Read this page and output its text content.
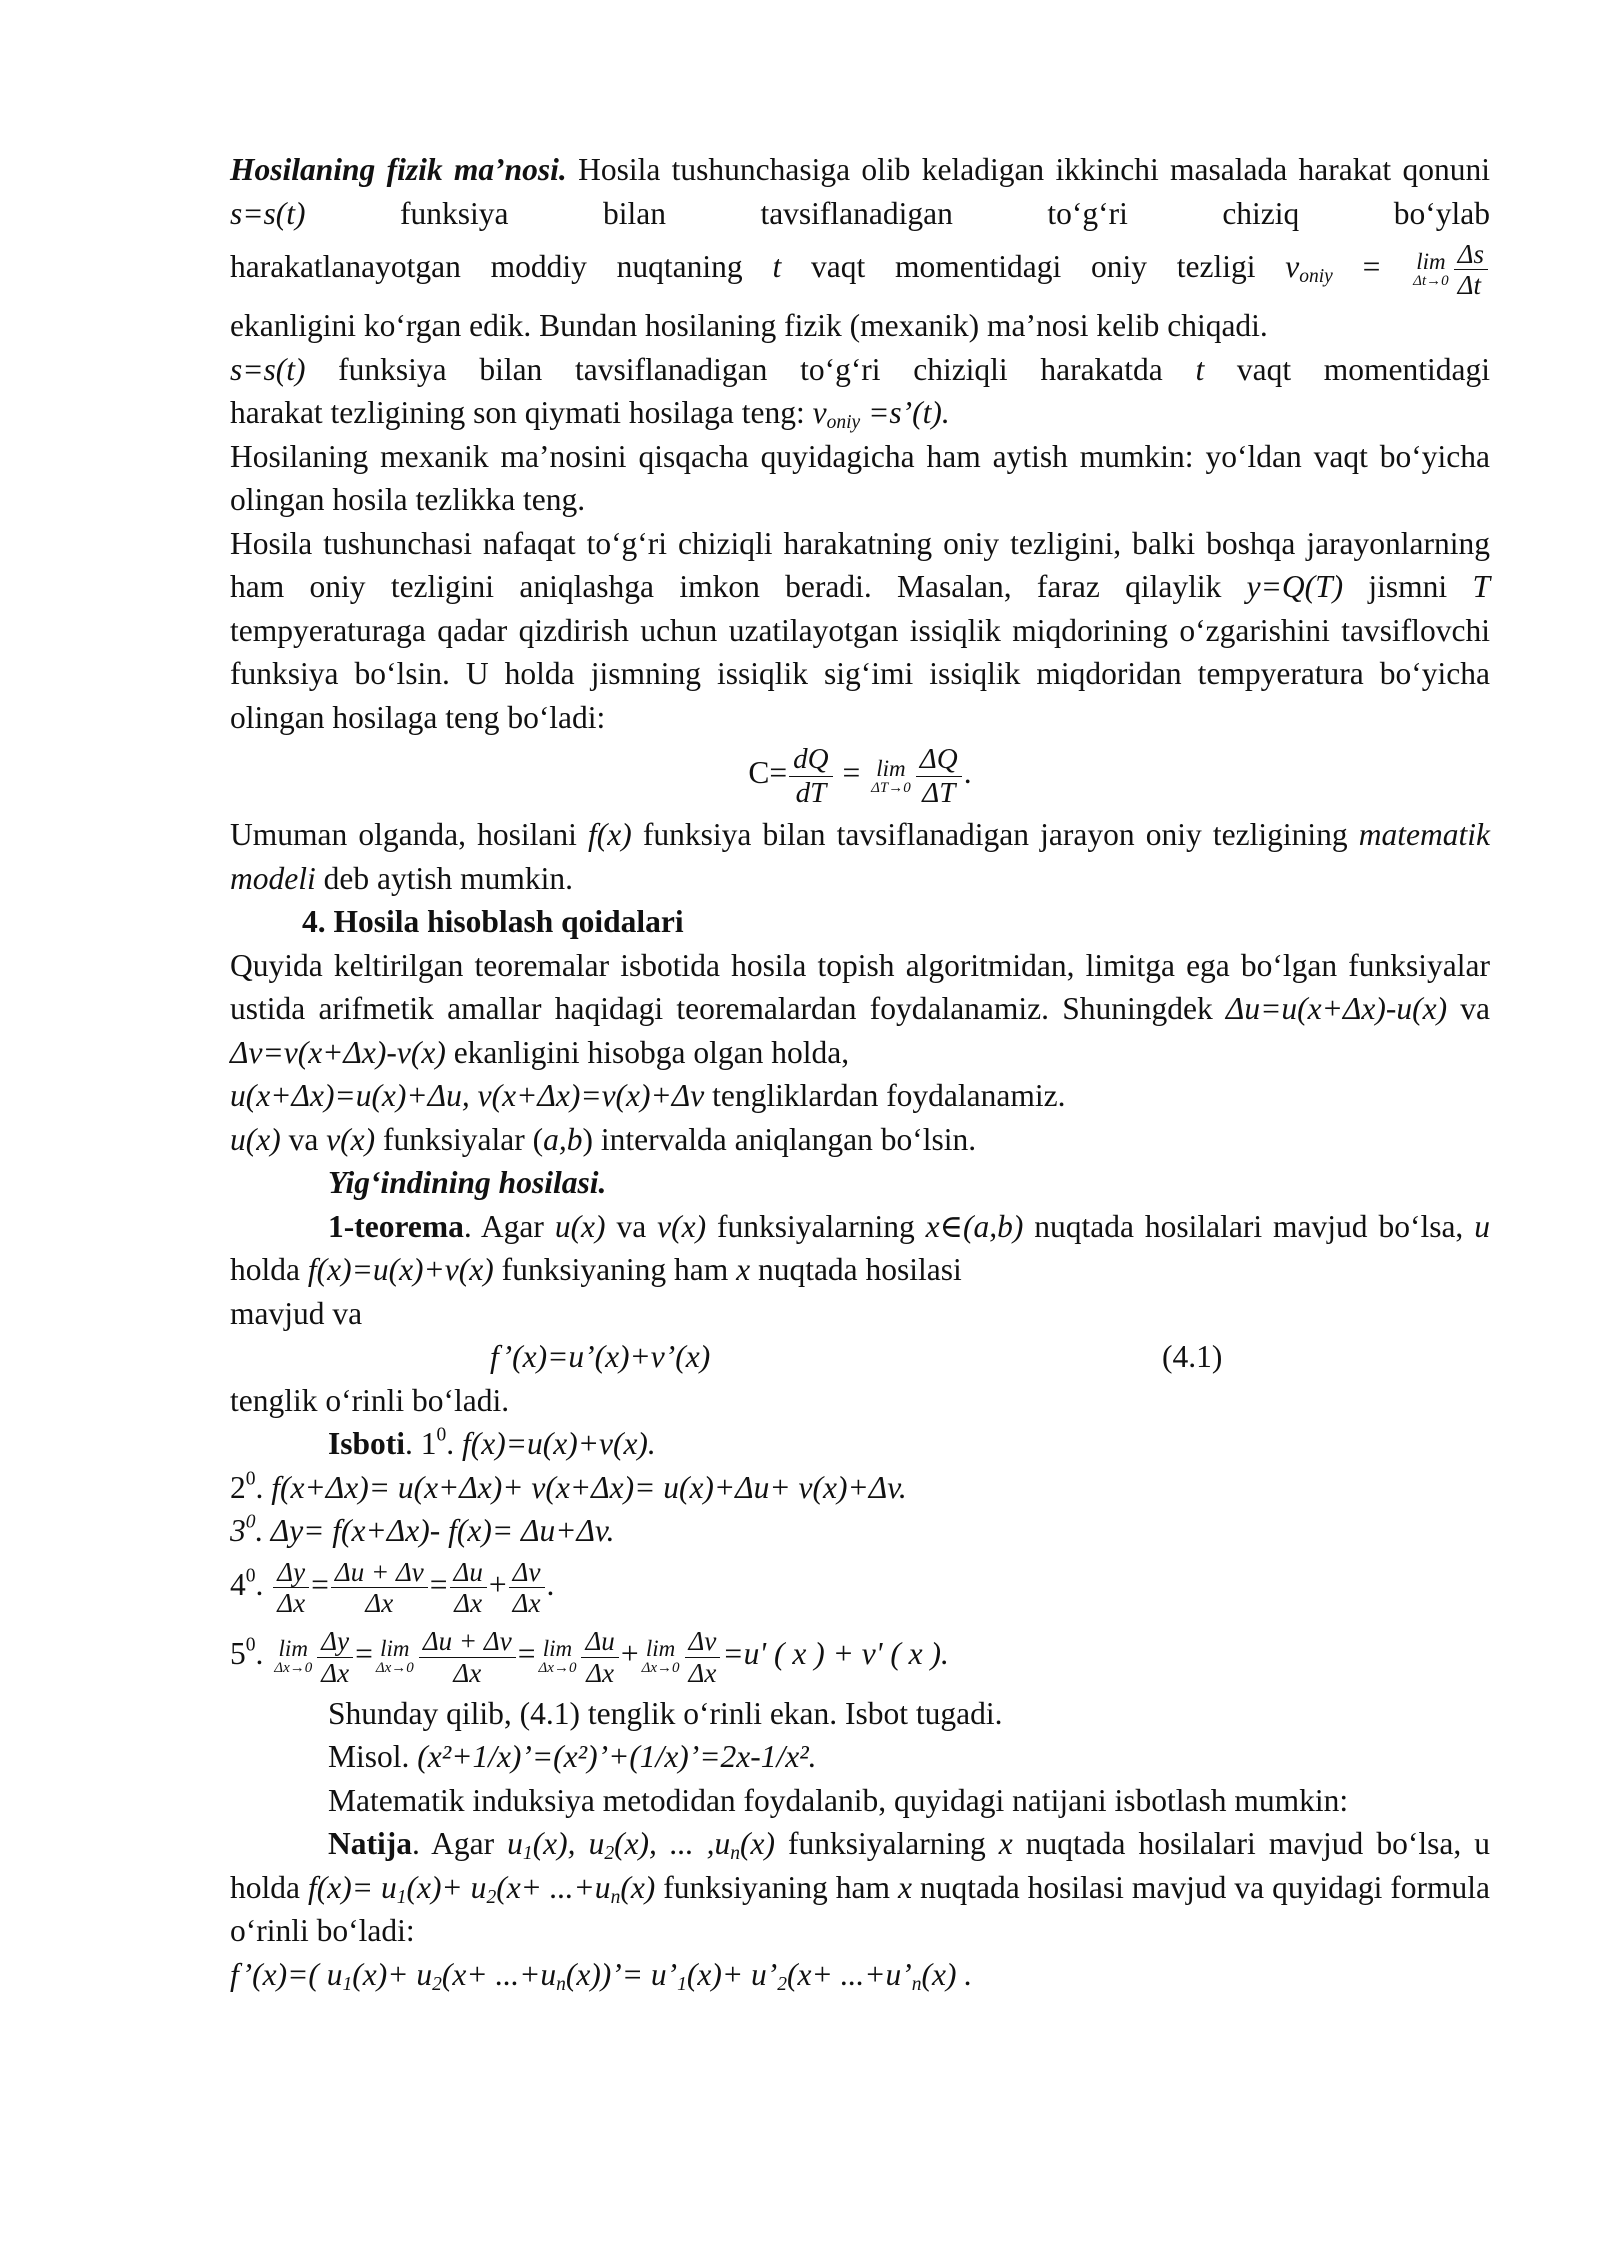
Hosilaning fizik ma’nosi. Hosila tushunchasiga olib keladigan ikkinchi masalada harakat qonuni s=s(t) funksiya bilan tavsiflanadigan to‘g‘ri chiziq bo‘ylab

harakatlanayotgan moddiy nuqtaning t vaqt momentidagi oniy tezligi $v_{oniy} = \lim$
$\Delta t\to 0 \frac{\Delta s}{\Delta t}$

ekanligini ko‘rgan edik. Bundan hosilaning fizik (mexanik) ma’nosi kelib chiqadi.

s=s(t) funksiya bilan tavsiflanadigan to‘g‘ri chiziqli harakatda t vaqt momentidagi

harakat tezligining son qiymati hosilaga teng: $v_{oniy}$ =s’(t).

Hosilaning mexanik ma’nosini qisqacha quyidagicha ham aytish mumkin: yo‘ldan vaqt bo‘yicha olingan hosila tezlikka teng.

Hosila tushunchasi nafaqat to‘g‘ri chiziqli harakatning oniy tezligini, balki boshqa jarayonlarning ham oniy tezligini aniqlashga imkon beradi. Masalan, faraz qilaylik y=Q(T) jismni T tempyeraturaga qadar qizdirish uchun uzatilayotgan issiqlik miqdorining o‘zgarishini tavsiflovchi funksiya bo‘lsin. U holda jismning issiqlik sig‘imi issiqlik miqdoridan tempyeratura bo‘yicha olingan hosilaga teng bo‘ladi:

$C= \frac{dQ}{dT} = \lim$
$\Delta T\to 0 \frac{\Delta Q}{\Delta T}$ .

Umuman olganda, hosilani f(x) funksiya bilan tavsiflanadigan jarayon oniy tezligining matematik modeli deb aytish mumkin.

4. Hosila hisoblash qoidalari

Quyida keltirilgan teoremalar isbotida hosila topish algoritmidan, limitga ega bo‘lgan funksiyalar ustida arifmetik amallar haqidagi teoremalardan foydalanamiz. Shuningdek Δu=u(x+Δx)-u(x) va Δv=v(x+Δx)-v(x) ekanligini hisobga olgan holda,

u(x+Δx)=u(x)+Δu, v(x+Δx)=v(x)+Δv tengliklardan foydalanamiz.

u(x) va v(x) funksiyalar (a,b) intervalda aniqlangan bo‘lsin.

Yig‘indining hosilasi.

1-teorema. Agar u(x) va v(x) funksiyalarning x∈(a,b) nuqtada hosilalari mavjud bo‘lsa, u holda f(x)=u(x)+v(x) funksiyaning ham x nuqtada hosilasi

mavjud va

f’(x)=u’(x)+v’(x)	(4.1)

tenglik o‘rinli bo‘ladi.

Isboti. $1^0$. f(x)=u(x)+v(x).

$2^0$. f(x+Δx)= u(x+Δx)+ v(x+Δx)= u(x)+Δu+ v(x)+Δv.

$3^0$. Δy= f(x+Δx)- f(x)= Δu+Δv.

$4^0$. $\frac{\Delta y}{\Delta x} = \frac{\Delta u + \Delta v}{\Delta x} = \frac{\Delta u}{\Delta x} + \frac{\Delta v}{\Delta x}$ .

$5^0$. lim
$\Delta x\to 0 \frac{\Delta y}{\Delta x} = \lim$
$\Delta x\to 0 \frac{\Delta u + \Delta v}{\Delta x} = \lim$
$\Delta x\to 0 \frac{\Delta u}{\Delta x} + \lim$
$\Delta x\to 0 \frac{\Delta v}{\Delta x} =u'$ ( x ) + v' ( x ).

Shunday qilib, (4.1) tenglik o‘rinli ekan. Isbot tugadi.

Misol. (x²+1/x)’=(x²)’+(1/x)’=2x-1/x².

Matematik induksiya metodidan foydalanib, quyidagi natijani isbotlash mumkin:

Natija. Agar $u_1(x)$, $u_2(x)$, ... $,u_n(x)$ funksiyalarning x nuqtada hosilalari mavjud bo‘lsa, u holda $f(x)= u_1(x)+ u_2(x+ ...+u_n(x)$ funksiyaning ham x nuqtada hosilasi mavjud va quyidagi formula o‘rinli bo‘ladi:

f’(x)=( $u_1(x)+ u_2(x+$ $...+u_n(x))’=$ $u’_1(x)+$ $u’_2(x+$ $...+u’_n(x)$ .
